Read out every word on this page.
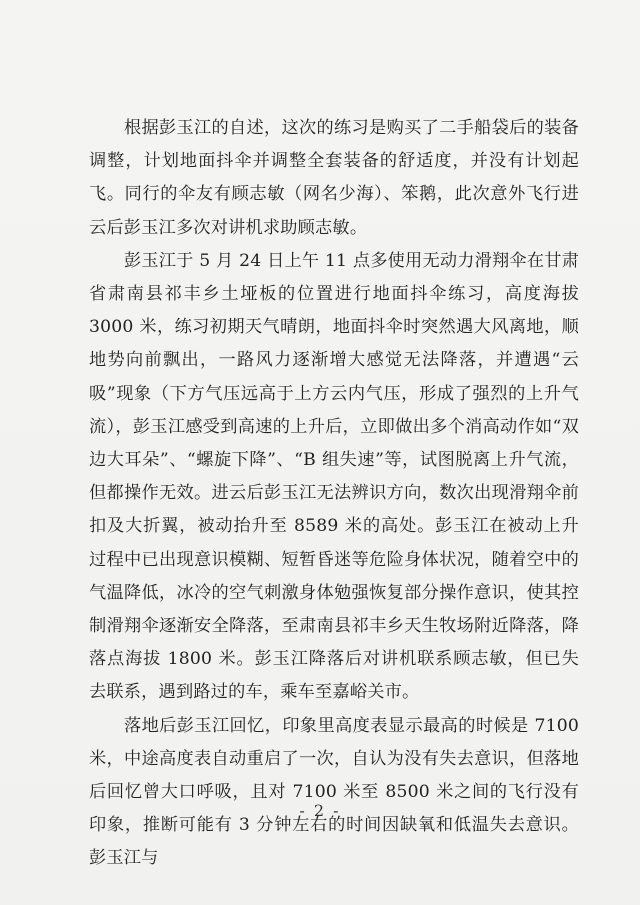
根据彭玉江的自述，这次的练习是购买了二手船袋后的装备调整，计划地面抖伞并调整全套装备的舒适度，并没有计划起飞。同行的伞友有顾志敏（网名少海）、笨鹅，此次意外飞行进云后彭玉江多次对讲机求助顾志敏。

彭玉江于 5 月 24 日上午 11 点多使用无动力滑翔伞在甘肃省肃南县祁丰乡土垭板的位置进行地面抖伞练习，高度海拔 3000 米，练习初期天气晴朗，地面抖伞时突然遇大风离地，顺地势向前飘出，一路风力逐渐增大感觉无法降落，并遭遇“云吸”现象（下方气压远高于上方云内气压，形成了强烈的上升气流），彭玉江感受到高速的上升后，立即做出多个消高动作如“双边大耳朵”、“螺旋下降”、“B 组失速”等，试图脱离上升气流，但都操作无效。进云后彭玉江无法辨识方向，数次出现滑翔伞前扣及大折翼，被动抬升至 8589 米的高处。彭玉江在被动上升过程中已出现意识模糊、短暂昏迷等危险身体状况，随着空中的气温降低，冰冷的空气刺激身体勉强恢复部分操作意识，使其控制滑翔伞逐渐安全降落，至肃南县祁丰乡天生牧场附近降落，降落点海拔 1800 米。彭玉江降落后对讲机联系顾志敏，但已失去联系，遇到路过的车，乘车至嘉峪关市。

落地后彭玉江回忆，印象里高度表显示最高的时候是 7100 米，中途高度表自动重启了一次，自认为没有失去意识，但落地后回忆曾大口呼吸，且对 7100 米至 8500 米之间的飞行没有印象，推断可能有 3 分钟左右的时间因缺氧和低温失去意识。彭玉江与

- 2 -
